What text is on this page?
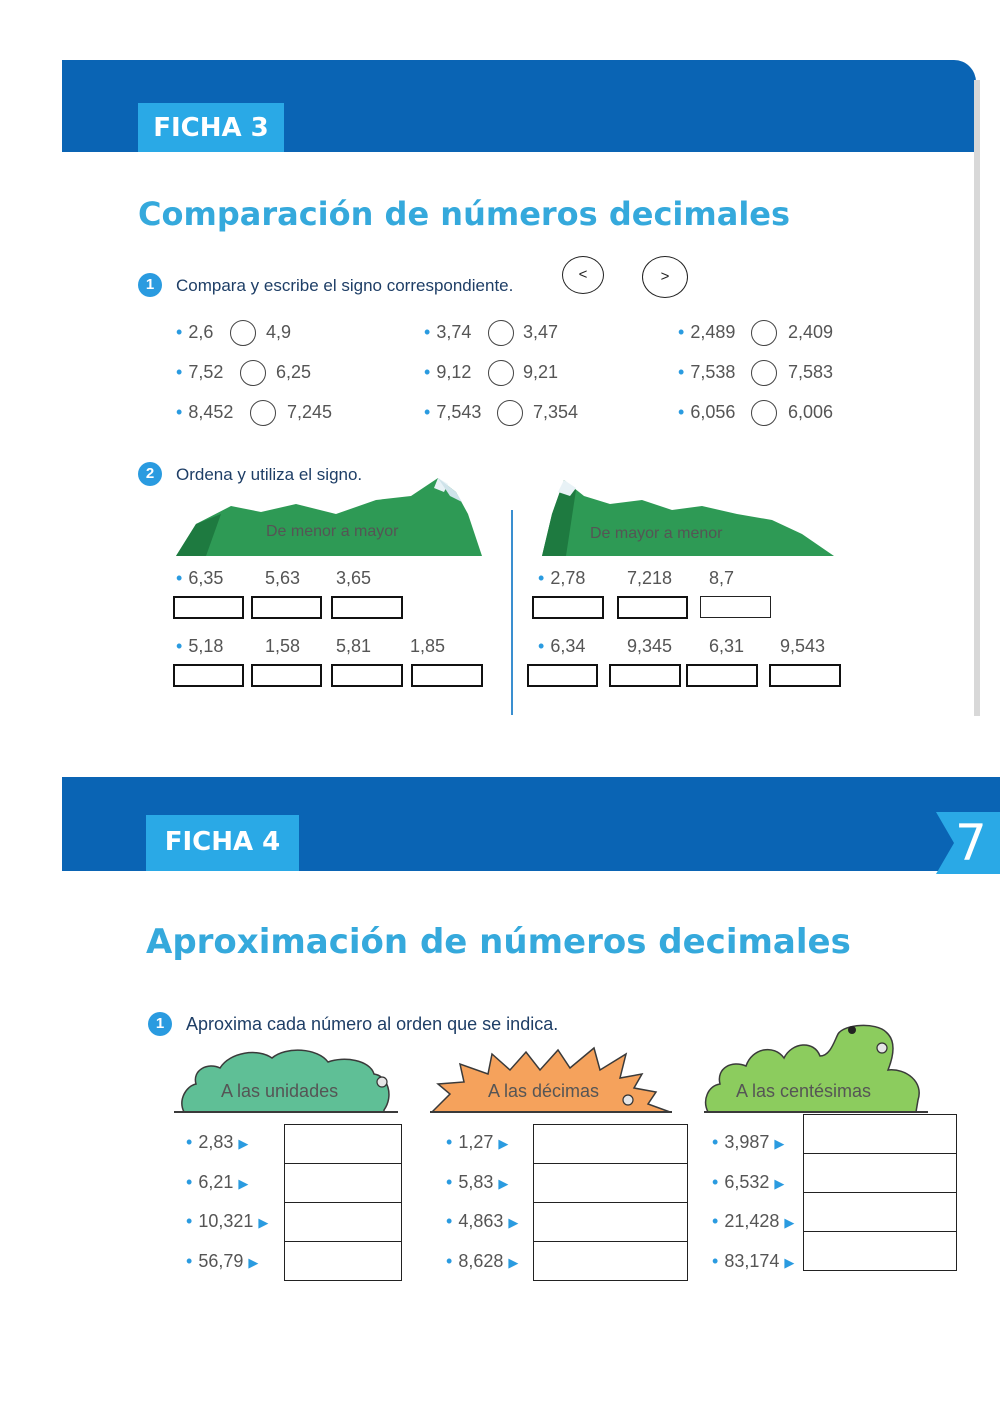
FICHA 3
Comparación de números decimales
1	Compara y escribe el signo correspondiente.
<	>
• 2,6	4,9	• 3,74	3,47	• 2,489	2,409
• 7,52	6,25	• 9,12	9,21	• 7,538	7,583
• 8,452	7,245	• 7,543	7,354	• 6,056	6,006
2	Ordena y utiliza el signo.
De menor a mayor	De mayor a menor
• 6,35 5,63 3,65
• 5,18 1,58 5,81 1,85
• 2,78 7,218 8,7
• 6,34 9,345 6,31 9,543
FICHA 4	7
Aproximación de números decimales
1	Aproxima cada número al orden que se indica.
A las unidades	A las décimas	A las centésimas
• 2,83 ▶
• 6,21 ▶
• 10,321 ▶
• 56,79 ▶
• 1,27 ▶
• 5,83 ▶
• 4,863 ▶
• 8,628 ▶
• 3,987 ▶
• 6,532 ▶
• 21,428 ▶
• 83,174 ▶
